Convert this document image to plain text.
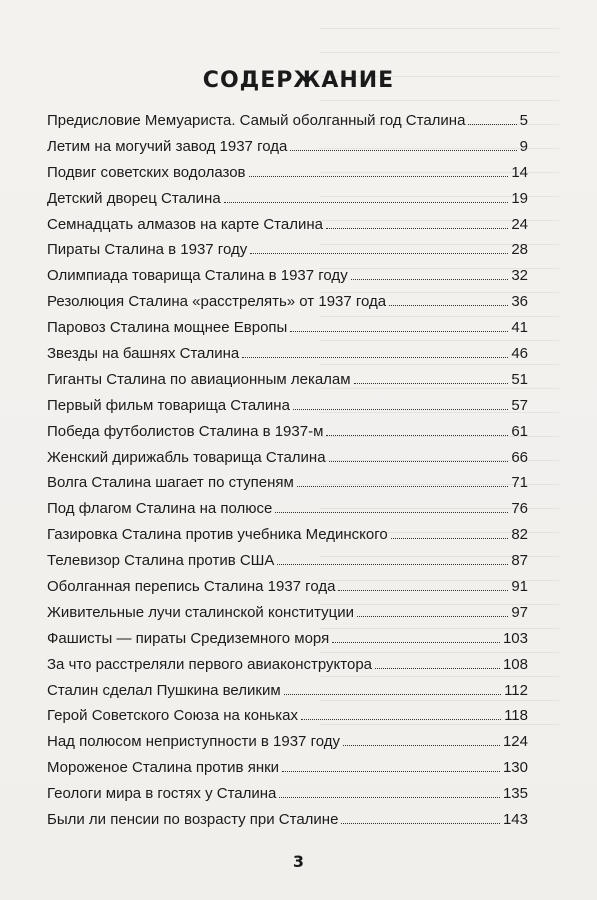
СОДЕРЖАНИЕ
Предисловие Мемуариста. Самый оболганный год Сталина	5
Летим на могучий завод 1937 года	9
Подвиг советских водолазов	14
Детский дворец Сталина	19
Семнадцать алмазов на карте Сталина	24
Пираты Сталина в 1937 году	28
Олимпиада товарища Сталина в 1937 году	32
Резолюция Сталина «расстрелять» от 1937 года	36
Паровоз Сталина мощнее Европы	41
Звезды на башнях Сталина	46
Гиганты Сталина по авиационным лекалам	51
Первый фильм товарища Сталина	57
Победа футболистов Сталина в 1937-м	61
Женский дирижабль товарища Сталина	66
Волга Сталина шагает по ступеням	71
Под флагом Сталина на полюсе	76
Газировка Сталина против учебника Мединского	82
Телевизор Сталина против США	87
Оболганная перепись Сталина 1937 года	91
Живительные лучи сталинской конституции	97
Фашисты — пираты Средиземного моря	103
За что расстреляли первого авиаконструктора	108
Сталин сделал Пушкина великим	112
Герой Советского Союза на коньках	118
Над полюсом неприступности в 1937 году	124
Мороженое Сталина против янки	130
Геологи мира в гостях у Сталина	135
Были ли пенсии по возрасту при Сталине	143
3
